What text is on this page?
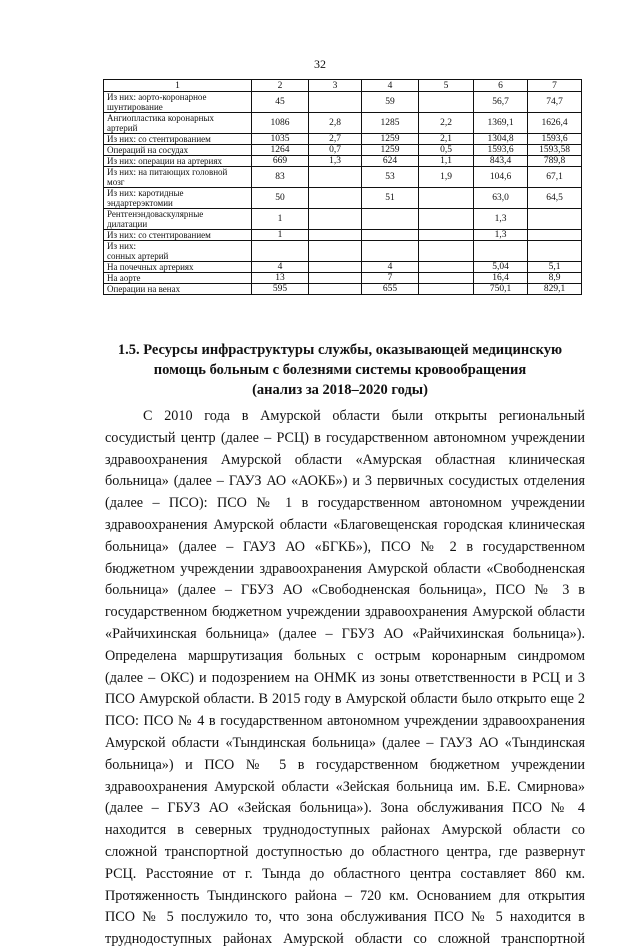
32
1	2	3	4	5	6	7

Из них: аорто-коронарное
шунтирование	45		59		56,7	74,7

Ангиопластика коронарных
артерий	1086	2,8	1285	2,2	1369,1	1626,4

Из них: со стентированием	1035	2,7	1259	2,1	1304,8	1593,6

Операций на сосудах	1264	0,7	1259	0,5	1593,6	1593,58

Из них: операции на артериях	669	1,3	624	1,1	843,4	789,8

Из них: на питающих головной
мозг	83		53	1,9	104,6	67,1

Из них: каротидные
эндартерэктомии	50		51		63,0	64,5

Рентгенэндоваскулярные
дилатации	1				1,3	

Из них: со стентированием	1				1,3	

Из них:
сонных артерий						

На почечных артериях	4		4		5,04	5,1

На аорте	13		7		16,4	8,9

Операции на венах	595		655		750,1	829,1
1.5. Ресурсы инфраструктуры службы, оказывающей медицинскую
помощь больным с болезнями системы кровообращения
(анализ за 2018–2020 годы)
С 2010 года в Амурской области были открыты региональный
сосудистый центр (далее – РСЦ) в государственном автономном учреждении
здравоохранения Амурской области «Амурская областная клиническая
больница» (далее – ГАУЗ АО «АОКБ») и 3 первичных сосудистых отделения
(далее – ПСО): ПСО № 1 в государственном автономном учреждении
здравоохранения Амурской области «Благовещенская городская клиническая
больница» (далее – ГАУЗ АО «БГКБ»), ПСО № 2 в государственном
бюджетном учреждении здравоохранения Амурской области «Свободненская
больница» (далее – ГБУЗ АО «Свободненская больница», ПСО № 3 в
государственном бюджетном учреждении здравоохранения Амурской области
«Райчихинская больница» (далее – ГБУЗ АО «Райчихинская больница»).
Определена маршрутизация больных с острым коронарным синдромом
(далее – ОКС) и подозрением на ОНМК из зоны ответственности в РСЦ и 3
ПСО Амурской области. В 2015 году в Амурской области было открыто еще 2
ПСО: ПСО № 4 в государственном автономном учреждении здравоохранения
Амурской области «Тындинская больница» (далее – ГАУЗ АО «Тындинская
больница») и ПСО № 5 в государственном бюджетном учреждении
здравоохранения Амурской области «Зейская больница им. Б.Е. Смирнова»
(далее – ГБУЗ АО «Зейская больница»). Зона обслуживания ПСО № 4
находится в северных труднодоступных районах Амурской области со
сложной транспортной доступностью до областного центра, где развернут
РСЦ. Расстояние от г. Тында до областного центра составляет 860 км.
Протяженность Тындинского района – 720 км. Основанием для открытия
ПСО № 5 послужило то, что зона обслуживания ПСО № 5 находится в
труднодоступных районах Амурской области со сложной транспортной
